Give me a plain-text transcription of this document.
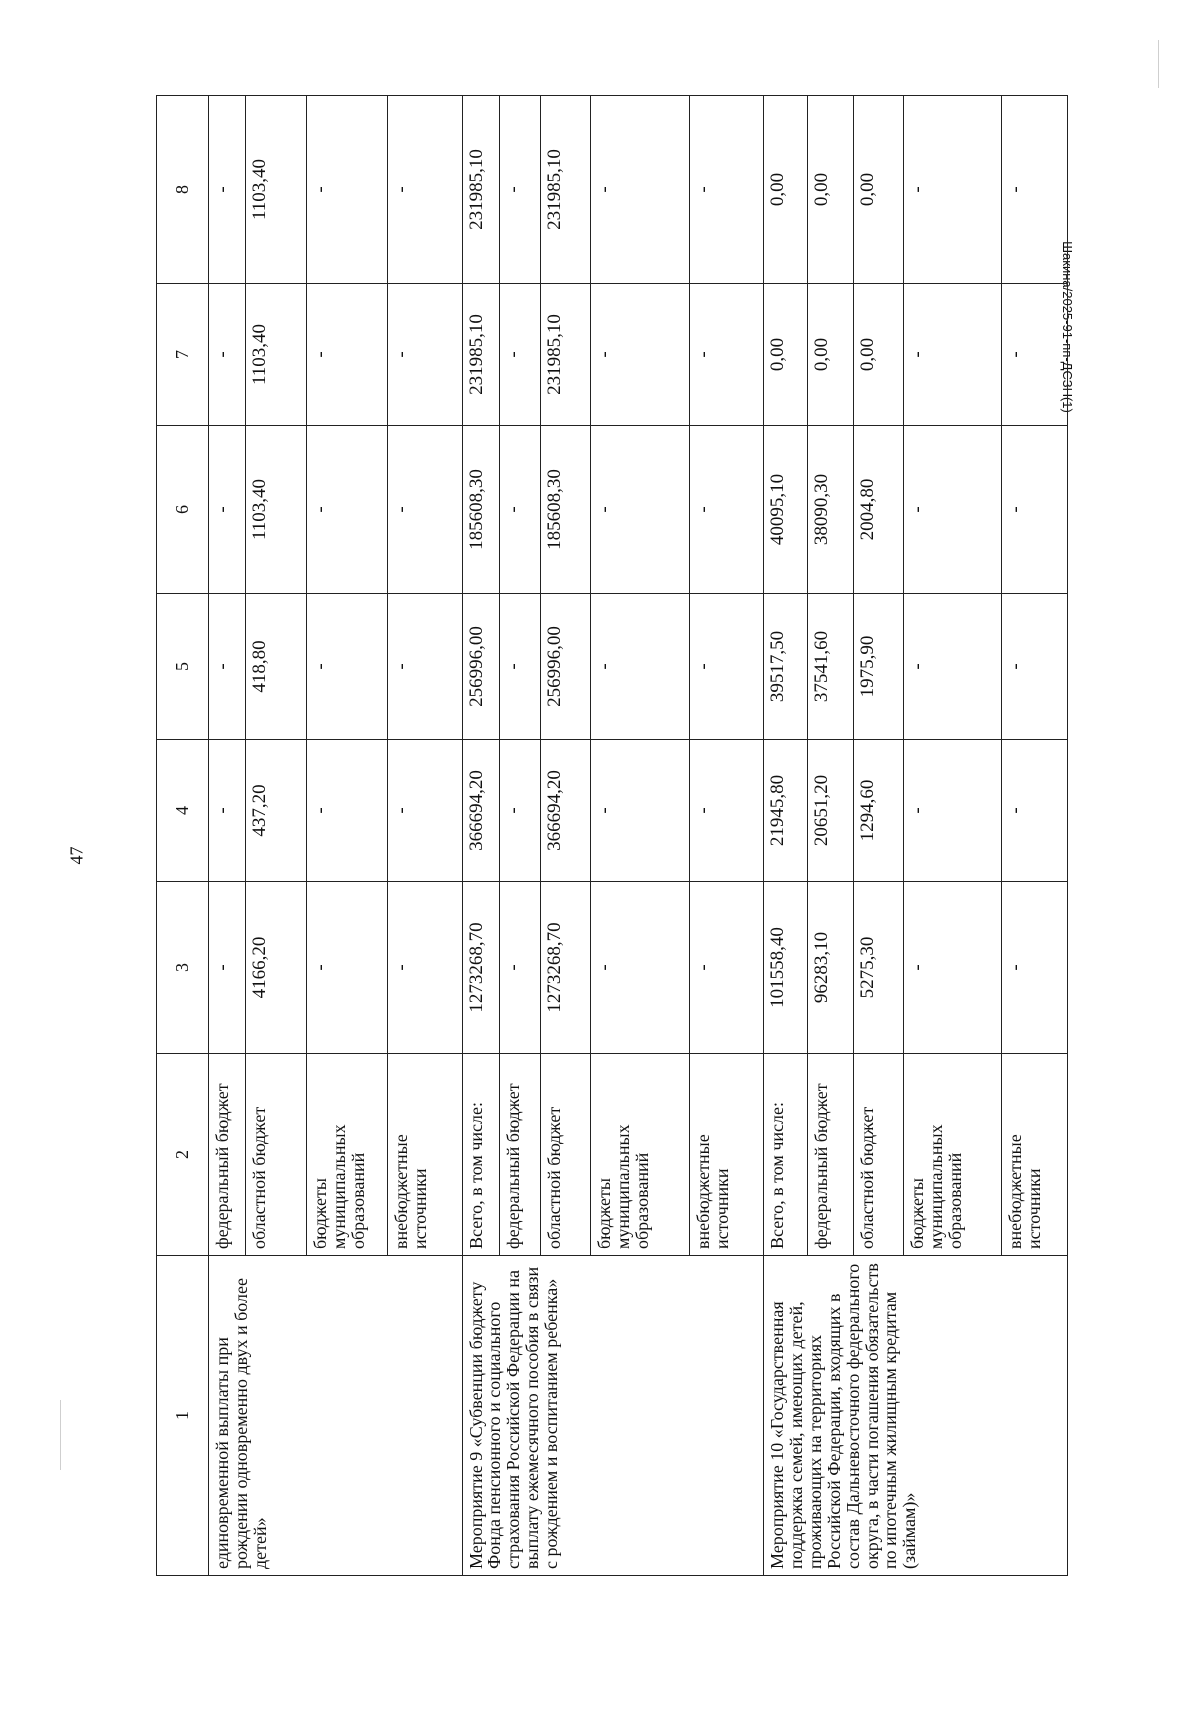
47
Шакина/2025-91-пп-ДСЗН(1)
1	2	3	4	5	6	7	8
единовременной выплаты при рождении одновременно двух и более детей»	федеральный бюджет	-	-	-	-	-	-
	областной бюджет	4166,20	437,20	418,80	1103,40	1103,40	1103,40
	бюджеты муниципальных образований	-	-	-	-	-	-
	внебюджетные источники	-	-	-	-	-	-
Мероприятие 9 «Субвенции бюджету Фонда пенсионного и социального страхования Российской Федерации на выплату ежемесячного пособия в связи с рождением и воспитанием ребенка»	Всего, в том числе:	1273268,70	366694,20	256996,00	185608,30	231985,10	231985,10
	федеральный бюджет	-	-	-	-	-	-
	областной бюджет	1273268,70	366694,20	256996,00	185608,30	231985,10	231985,10
	бюджеты муниципальных образований	-	-	-	-	-	-
	внебюджетные источники	-	-	-	-	-	-
Мероприятие 10 «Государственная поддержка семей, имеющих детей, проживающих на территориях Российской Федерации, входящих в состав Дальневосточного федерального округа, в части погашения обязательств по ипотечным жилищным кредитам (займам)»	Всего, в том числе:	101558,40	21945,80	39517,50	40095,10	0,00	0,00
	федеральный бюджет	96283,10	20651,20	37541,60	38090,30	0,00	0,00
	областной бюджет	5275,30	1294,60	1975,90	2004,80	0,00	0,00
	бюджеты муниципальных образований	-	-	-	-	-	-
	внебюджетные источники	-	-	-	-	-	-
